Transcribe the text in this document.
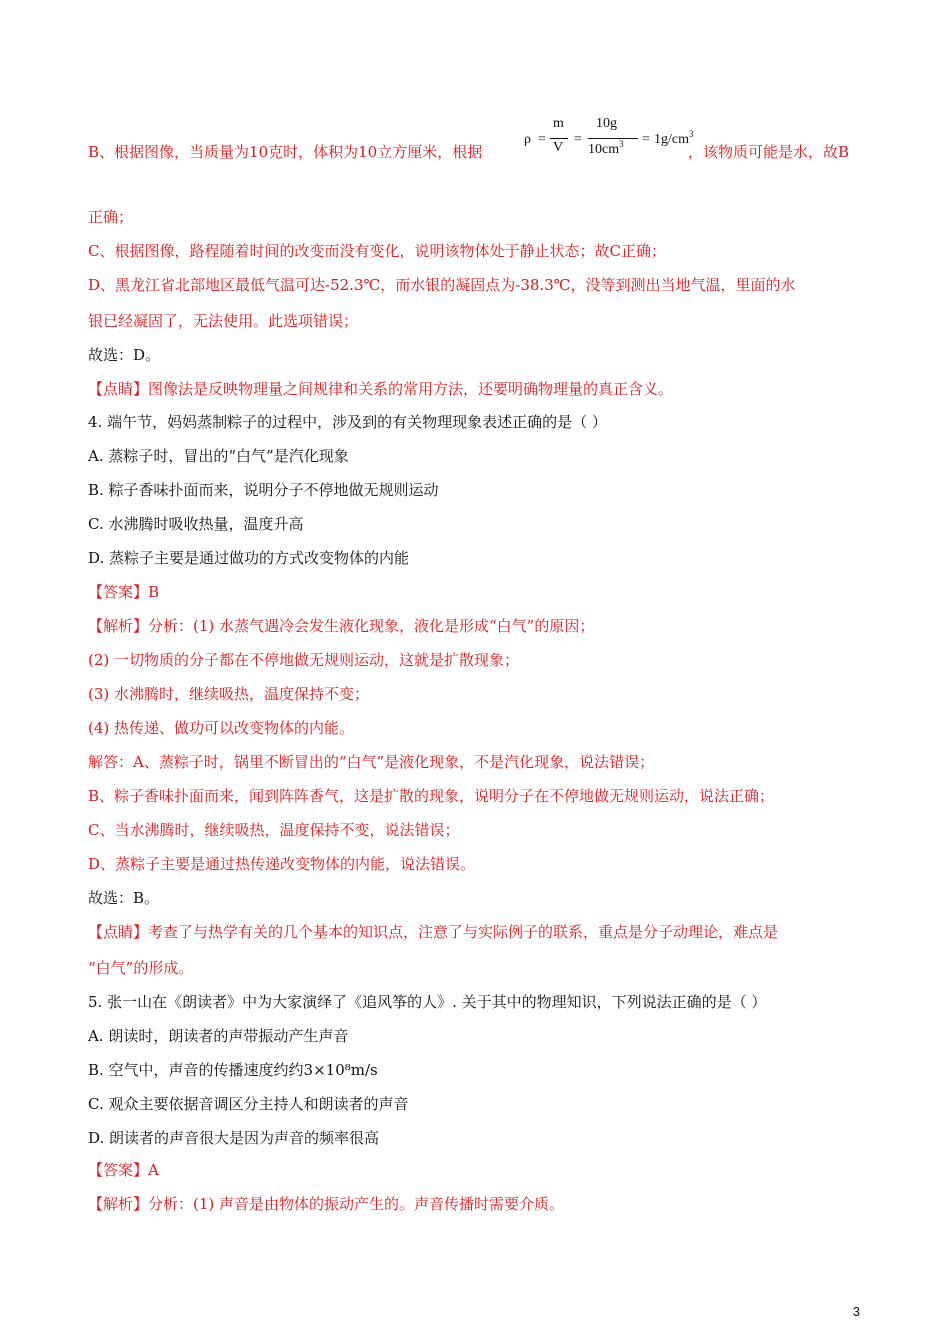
B、根据图像，当质量为10克时，体积为10立方厘米，根据
ρ =
m
V
=
10g
$10cm^3 = 1g/cm^3$
，该物质可能是水，故B
正确；
C、根据图像，路程随着时间的改变而没有变化，说明该物体处于静止状态；故C正确；
D、黑龙江省北部地区最低气温可达-52.3℃，而水银的凝固点为-38.3℃，没等到测出当地气温，里面的水
银已经凝固了，无法使用。此选项错误；
故选：D。
【点睛】图像法是反映物理量之间规律和关系的常用方法，还要明确物理量的真正含义。
4. 端午节，妈妈蒸制粽子的过程中，涉及到的有关物理现象表述正确的是（ ）
A. 蒸粽子时，冒出的“白气”是汽化现象
B. 粽子香味扑面而来，说明分子不停地做无规则运动
C. 水沸腾时吸收热量，温度升高
D. 蒸粽子主要是通过做功的方式改变物体的内能
【答案】B
【解析】分析：(1) 水蒸气遇冷会发生液化现象，液化是形成“白气”的原因；
(2) 一切物质的分子都在不停地做无规则运动，这就是扩散现象；
(3) 水沸腾时，继续吸热，温度保持不变；
(4) 热传递、做功可以改变物体的内能。
解答：A、蒸粽子时，锅里不断冒出的“白气”是液化现象，不是汽化现象，说法错误；
B、粽子香味扑面而来，闻到阵阵香气，这是扩散的现象，说明分子在不停地做无规则运动，说法正确；
C、当水沸腾时，继续吸热，温度保持不变，说法错误；
D、蒸粽子主要是通过热传递改变物体的内能，说法错误。
故选：B。
【点睛】考查了与热学有关的几个基本的知识点，注意了与实际例子的联系，重点是分子动理论，难点是
“白气”的形成。
5. 张一山在《朗读者》中为大家演绎了《追风筝的人》. 关于其中的物理知识，下列说法正确的是（ ）
A. 朗读时，朗读者的声带振动产生声音
B. 空气中，声音的传播速度约约3×10⁸m/s
C. 观众主要依据音调区分主持人和朗读者的声音
D. 朗读者的声音很大是因为声音的频率很高
【答案】A
【解析】分析：(1) 声音是由物体的振动产生的。声音传播时需要介质。
3
